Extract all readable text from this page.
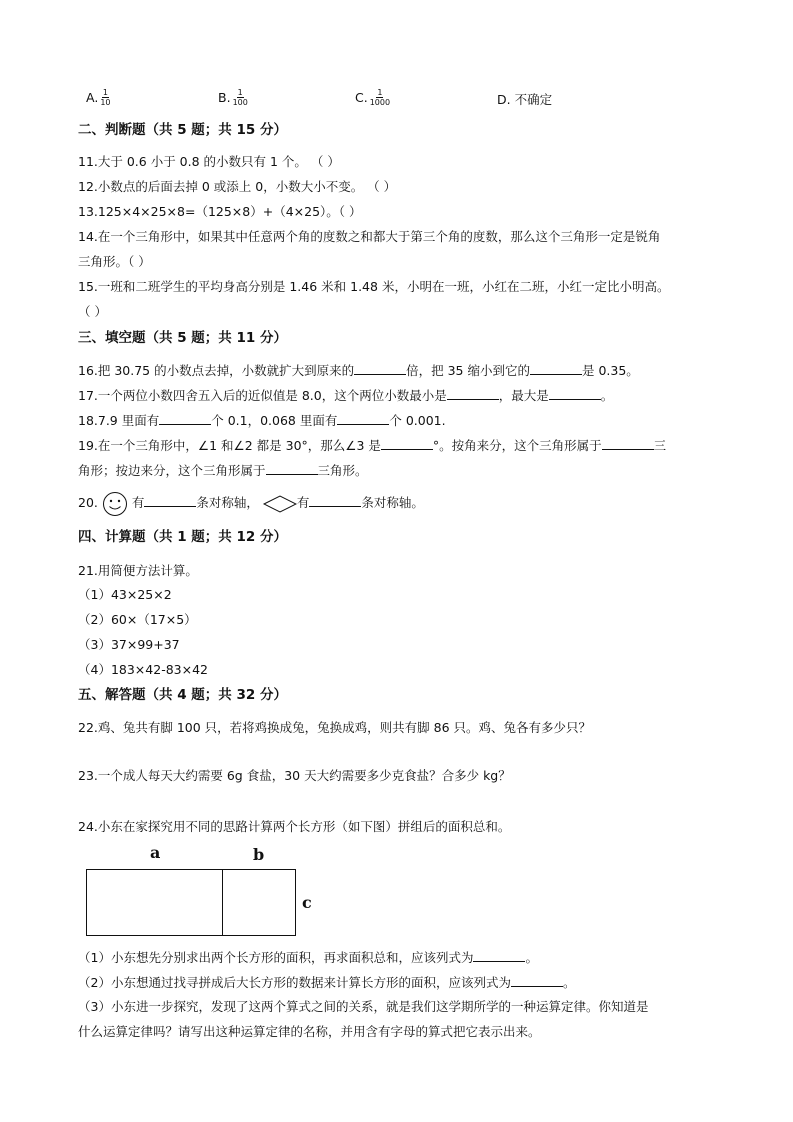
A. $\frac{1}{10}$	B. $\frac{1}{100}$	C. $\frac{1}{1000}$	D. 不确定
二、判断题（共 5 题；共 15 分）
11.大于 0.6 小于 0.8 的小数只有 1 个。 （ ）
12.小数点的后面去掉 0 或添上 0，小数大小不变。 （ ）
13.125×4×25×8=（125×8）+（4×25）。（ ）
14.在一个三角形中，如果其中任意两个角的度数之和都大于第三个角的度数，那么这个三角形一定是锐角
三角形。（ ）
15.一班和二班学生的平均身高分别是 1.46 米和 1.48 米，小明在一班，小红在二班，小红一定比小明高。
（ ）
三、填空题（共 5 题；共 11 分）
16.把 30.75 的小数点去掉，小数就扩大到原来的	倍，把 35 缩小到它的	是 0.35。
17.一个两位小数四舍五入后的近似值是 8.0，这个两位小数最小是	，最大是	。
18.7.9 里面有	个 0.1，0.068 里面有	个 0.001.
19.在一个三角形中，∠1 和∠2 都是 30°，那么∠3 是	°。按角来分，这个三角形属于	三
角形；按边来分，这个三角形属于	三角形。
20.	有	条对称轴，	有	条对称轴。
四、计算题（共 1 题；共 12 分）
21.用简便方法计算。
（1）43×25×2
（2）60×（17×5）
（3）37×99+37
（4）183×42-83×42
五、解答题（共 4 题；共 32 分）
22.鸡、兔共有脚 100 只，若将鸡换成兔，兔换成鸡，则共有脚 86 只。鸡、兔各有多少只？
23.一个成人每天大约需要 6g 食盐，30 天大约需要多少克食盐？合多少 kg？
24.小东在家探究用不同的思路计算两个长方形（如下图）拼组后的面积总和。
a	b
c
（1）小东想先分别求出两个长方形的面积，再求面积总和，应该列式为	。
（2）小东想通过找寻拼成后大长方形的数据来计算长方形的面积，应该列式为	。
（3）小东进一步探究，发现了这两个算式之间的关系，就是我们这学期所学的一种运算定律。你知道是
什么运算定律吗？请写出这种运算定律的名称，并用含有字母的算式把它表示出来。
